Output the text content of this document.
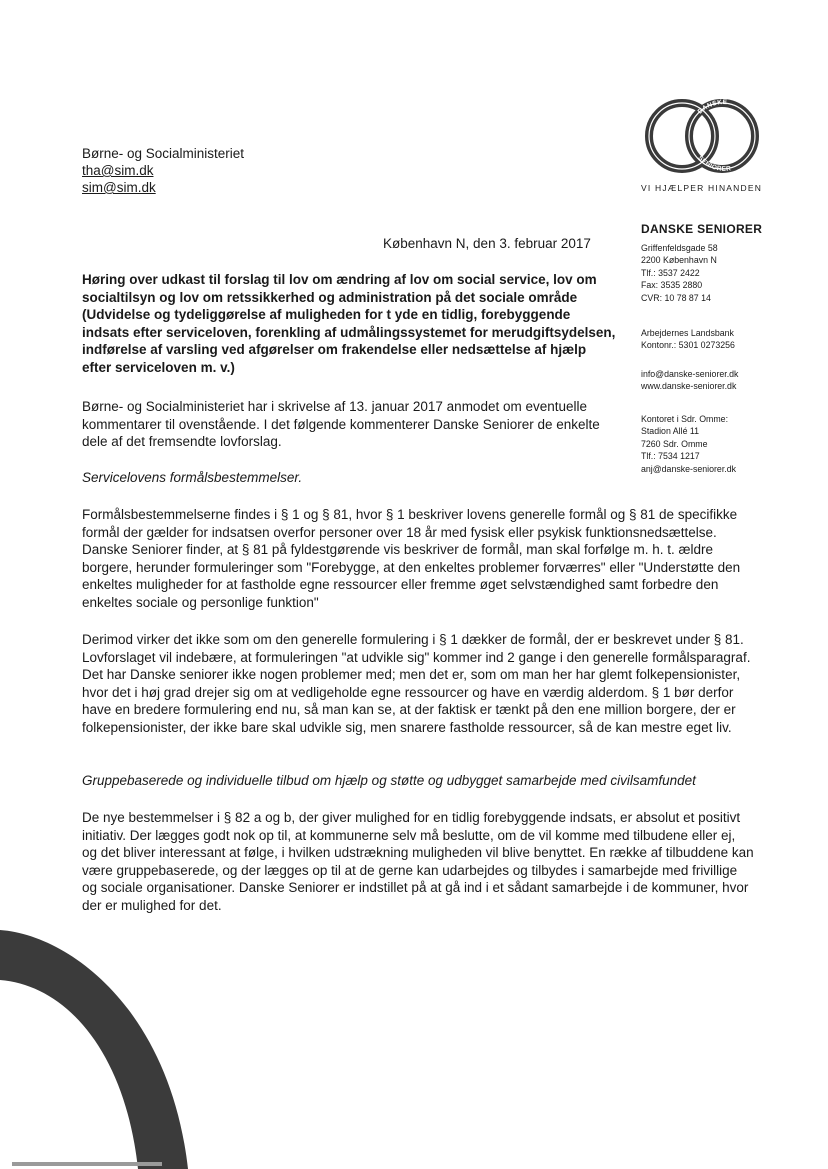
Børne- og Socialministeriet
tha@sim.dk
sim@sim.dk
DANSKE
SENIORER
VI HJÆLPER HINANDEN
DANSKE SENIORER
Griffenfeldsgade 58
2200 København N
Tlf.: 3537 2422
Fax: 3535 2880
CVR: 10 78 87 14
Arbejdernes Landsbank
Kontonr.: 5301 0273256
info@danske-seniorer.dk
www.danske-seniorer.dk
Kontoret i Sdr. Omme:
Stadion Allé 11
7260 Sdr. Omme
Tlf.: 7534 1217
anj@danske-seniorer.dk
København N, den 3. februar 2017
Høring over udkast til forslag til lov om ændring af lov om social service, lov om socialtilsyn og lov om retssikkerhed og administration på det sociale område (Udvidelse og tydeliggørelse af muligheden for t yde en tidlig, forebyggende indsats efter serviceloven, forenkling af udmålingssystemet for merudgiftsydelsen, indførelse af varsling ved afgørelser om frakendelse eller nedsættelse af hjælp efter serviceloven m. v.)
Børne- og Socialministeriet har i skrivelse af 13. januar 2017 anmodet om eventuelle kommentarer til ovenstående. I det følgende kommenterer Danske Seniorer de enkelte dele af det fremsendte lovforslag.
Servicelovens formålsbestemmelser.
Formålsbestemmelserne findes i § 1 og § 81, hvor § 1 beskriver lovens generelle formål og § 81 de specifikke formål der gælder for indsatsen overfor personer over 18 år med fysisk eller psykisk funktionsnedsættelse. Danske Seniorer finder, at § 81 på fyldestgørende vis beskriver de formål, man skal forfølge m. h. t. ældre borgere, herunder formuleringer som "Forebygge, at den enkeltes problemer forværres" eller "Understøtte den enkeltes muligheder for at fastholde egne ressourcer eller fremme øget selvstændighed samt forbedre den enkeltes sociale og personlige funktion"
Derimod virker det ikke som om den generelle formulering i § 1 dækker de formål, der er beskrevet under § 81. Lovforslaget vil indebære, at formuleringen "at udvikle sig" kommer ind 2 gange i den generelle formålsparagraf. Det har Danske seniorer ikke nogen problemer med; men det er, som om man her har glemt folkepensionister, hvor det i høj grad drejer sig om at vedligeholde egne ressourcer og have en værdig alderdom. § 1 bør derfor have en bredere formulering end nu, så man kan se, at der faktisk er tænkt på den ene million borgere, der er folkepensionister, der ikke bare skal udvikle sig, men snarere fastholde ressourcer, så de kan mestre eget liv.
Gruppebaserede og individuelle tilbud om hjælp og støtte og udbygget samarbejde med civilsamfundet
De nye bestemmelser i § 82 a og b, der giver mulighed for en tidlig forebyggende indsats, er absolut et positivt initiativ. Der lægges godt nok op til, at kommunerne selv må beslutte, om de vil komme med tilbudene eller ej, og det bliver interessant at følge, i hvilken udstrækning muligheden vil blive benyttet. En række af tilbuddene kan være gruppebaserede, og der lægges op til at de gerne kan udarbejdes og tilbydes i samarbejde med frivillige og sociale organisationer. Danske Seniorer er indstillet på at gå ind i et sådant samarbejde i de kommuner, hvor der er mulighed for det.
